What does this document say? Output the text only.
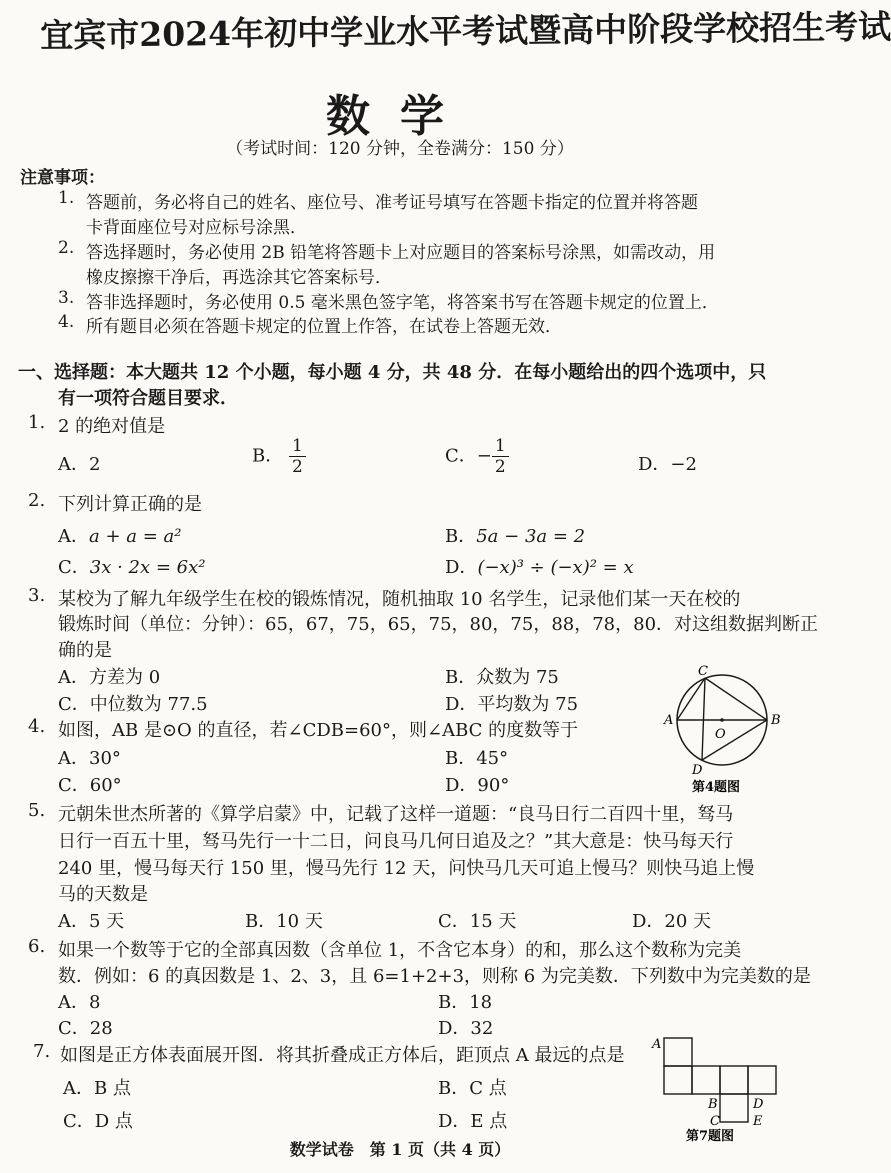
宜宾市2024年初中学业水平考试暨高中阶段学校招生考试
数学
（考试时间：120 分钟，全卷满分：150 分）
注意事项：
1. 答题前，务必将自己的姓名、座位号、准考证号填写在答题卡指定的位置并将答题
卡背面座位号对应标号涂黑．
2. 答选择题时，务必使用 2B 铅笔将答题卡上对应题目的答案标号涂黑，如需改动，用
橡皮擦擦干净后，再选涂其它答案标号．
3. 答非选择题时，务必使用 0.5 毫米黑色签字笔，将答案书写在答题卡规定的位置上．
4. 所有题目必须在答题卡规定的位置上作答，在试卷上答题无效．
一、选择题：本大题共 12 个小题，每小题 4 分，共 48 分．在每小题给出的四个选项中，只
有一项符合题目要求．
1. 2 的绝对值是
A．2	B． $\frac{1}{2}$	C．− $\frac{1}{2}$	D．−2
2. 下列计算正确的是
A．a + a = a²	B．5a − 3a = 2
C．3x · 2x = 6x²	D．(−x)³ ÷ (−x)² = x
3. 某校为了解九年级学生在校的锻炼情况，随机抽取 10 名学生，记录他们某一天在校的
锻炼时间（单位：分钟）：65，67，75，65，75，80，75，88，78，80．对这组数据判断正
确的是
A．方差为 0	B．众数为 75
C．中位数为 77.5	D．平均数为 75
C
A	B
O
D
第4题图
4. 如图，AB 是⊙O 的直径，若∠CDB=60°，则∠ABC 的度数等于
A．30°	B．45°
C．60°	D．90°
5. 元朝朱世杰所著的《算学启蒙》中，记载了这样一道题：“良马日行二百四十里，驽马
日行一百五十里，驽马先行一十二日，问良马几何日追及之？”其大意是：快马每天行
240 里，慢马每天行 150 里，慢马先行 12 天，问快马几天可追上慢马？则快马追上慢
马的天数是
A．5 天	B．10 天	C．15 天	D．20 天
6. 如果一个数等于它的全部真因数（含单位 1，不含它本身）的和，那么这个数称为完美
数．例如：6 的真因数是 1、2、3，且 6=1+2+3，则称 6 为完美数．下列数中为完美数的是
A．8	B．18
C．28	D．32
A
B
C
D
E
第7题图
7. 如图是正方体表面展开图．将其折叠成正方体后，距顶点 A 最远的点是
A．B 点	B．C 点
C．D 点	D．E 点
数学试卷　第 1 页（共 4 页）
